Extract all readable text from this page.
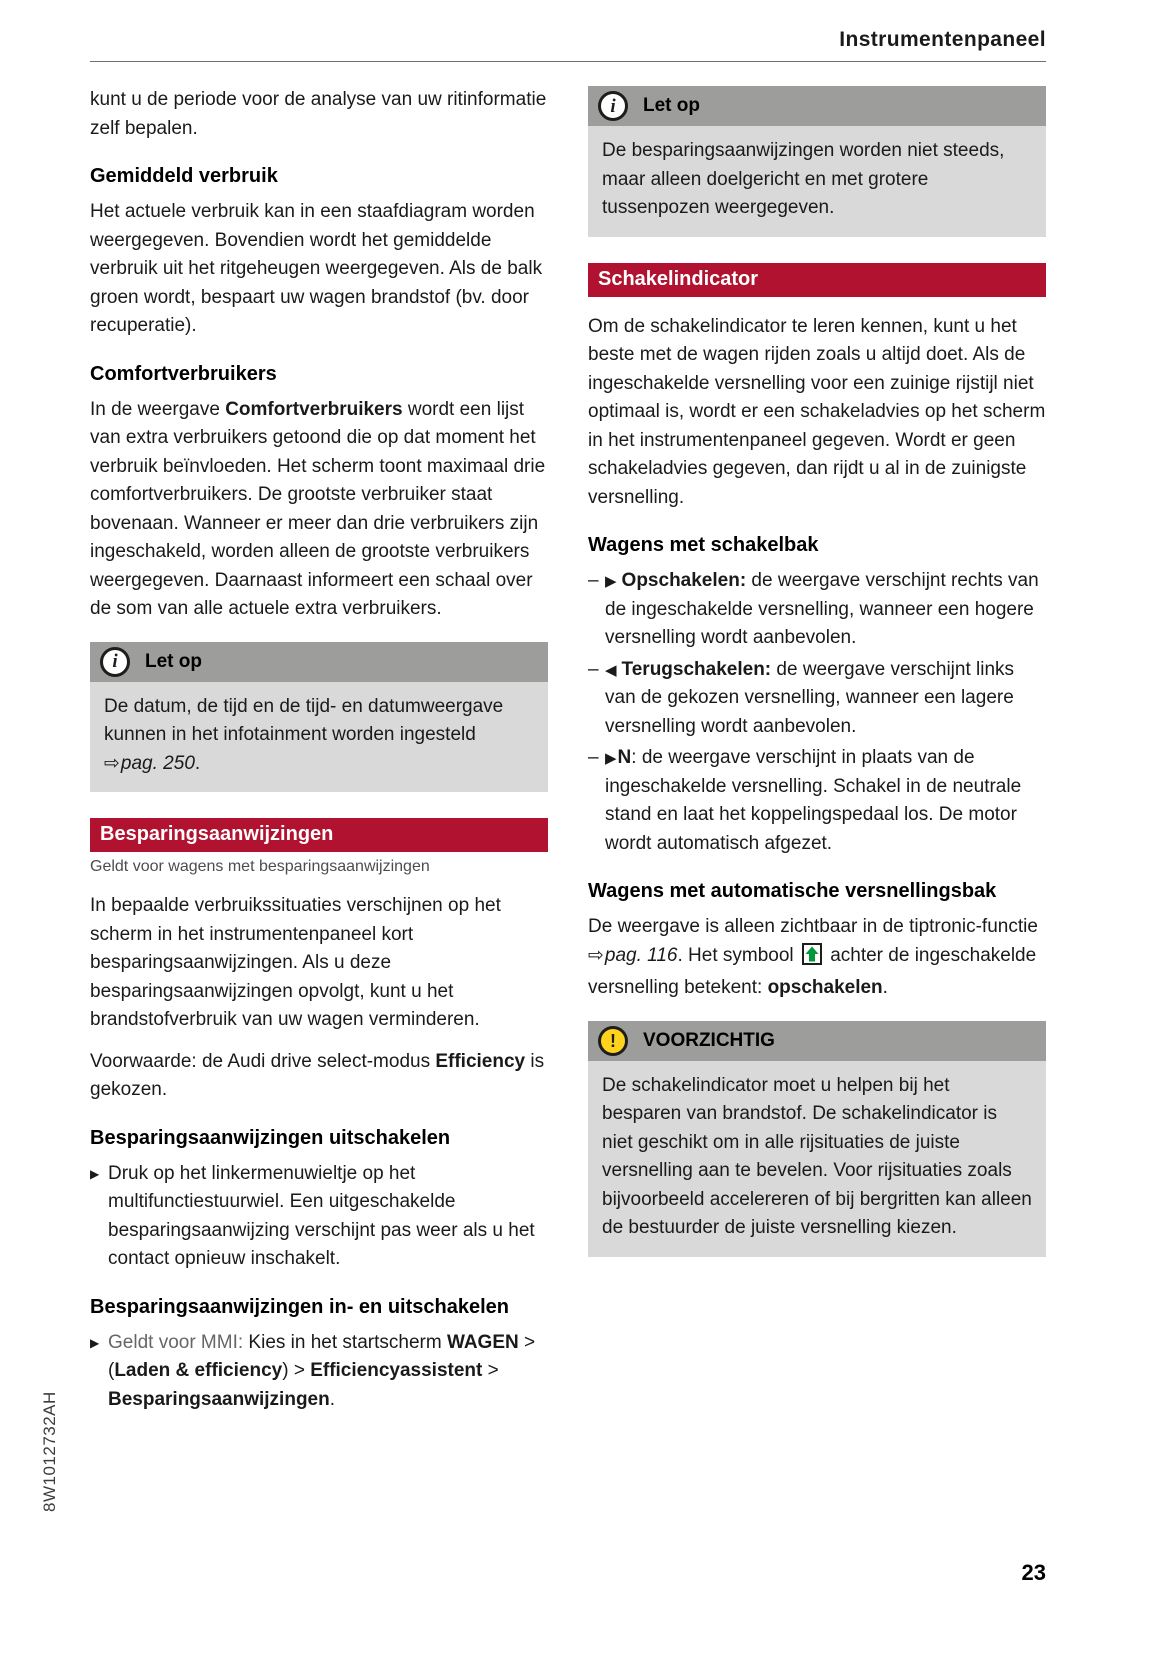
Instrumentenpaneel

kunt u de periode voor de analyse van uw ritinformatie zelf bepalen.

Gemiddeld verbruik

Het actuele verbruik kan in een staafdiagram worden weergegeven. Bovendien wordt het gemiddelde verbruik uit het ritgeheugen weergegeven. Als de balk groen wordt, bespaart uw wagen brandstof (bv. door recuperatie).

Comfortverbruikers

In de weergave Comfortverbruikers wordt een lijst van extra verbruikers getoond die op dat moment het verbruik beïnvloeden. Het scherm toont maximaal drie comfortverbruikers. De grootste verbruiker staat bovenaan. Wanneer er meer dan drie verbruikers zijn ingeschakeld, worden alleen de grootste verbruikers weergegeven. Daarnaast informeert een schaal over de som van alle actuele extra verbruikers.

i Let op
De datum, de tijd en de tijd- en datumweergave kunnen in het infotainment worden ingesteld ⇨pag. 250.
Besparingsaanwijzingen
Geldt voor wagens met besparingsaanwijzingen

In bepaalde verbruikssituaties verschijnen op het scherm in het instrumentenpaneel kort besparingsaanwijzingen. Als u deze besparingsaanwijzingen opvolgt, kunt u het brandstofverbruik van uw wagen verminderen.

Voorwaarde: de Audi drive select-modus Efficiency is gekozen.

Besparingsaanwijzingen uitschakelen
▶ Druk op het linkermenuwieltje op het multifunctiestuurwiel. Een uitgeschakelde besparingsaanwijzing verschijnt pas weer als u het contact opnieuw inschakelt.
Besparingsaanwijzingen in- en uitschakelen
▶ Geldt voor MMI: Kies in het startscherm WAGEN > (Laden & efficiency) > Efficiencyassistent > Besparingsaanwijzingen.
i Let op
De besparingsaanwijzingen worden niet steeds, maar alleen doelgericht en met grotere tussenpozen weergegeven.
Schakelindicator

Om de schakelindicator te leren kennen, kunt u het beste met de wagen rijden zoals u altijd doet. Als de ingeschakelde versnelling voor een zuinige rijstijl niet optimaal is, wordt er een schakeladvies op het scherm in het instrumentenpaneel gegeven. Wordt er geen schakeladvies gegeven, dan rijdt u al in de zuinigste versnelling.

Wagens met schakelbak
– ▶ Opschakelen: de weergave verschijnt rechts van de ingeschakelde versnelling, wanneer een hogere versnelling wordt aanbevolen.
– ◀ Terugschakelen: de weergave verschijnt links van de gekozen versnelling, wanneer een lagere versnelling wordt aanbevolen.
– ▶N: de weergave verschijnt in plaats van de ingeschakelde versnelling. Schakel in de neutrale stand en laat het koppelingspedaal los. De motor wordt automatisch afgezet.
Wagens met automatische versnellingsbak

De weergave is alleen zichtbaar in de tiptronic-functie ⇨pag. 116. Het symbool  achter de ingeschakelde versnelling betekent: opschakelen.

! VOORZICHTIG
De schakelindicator moet u helpen bij het besparen van brandstof. De schakelindicator is niet geschikt om in alle rijsituaties de juiste versnelling aan te bevelen. Voor rijsituaties zoals bijvoorbeeld accelereren of bij bergritten kan alleen de bestuurder de juiste versnelling kiezen.
8W1012732AH
23
